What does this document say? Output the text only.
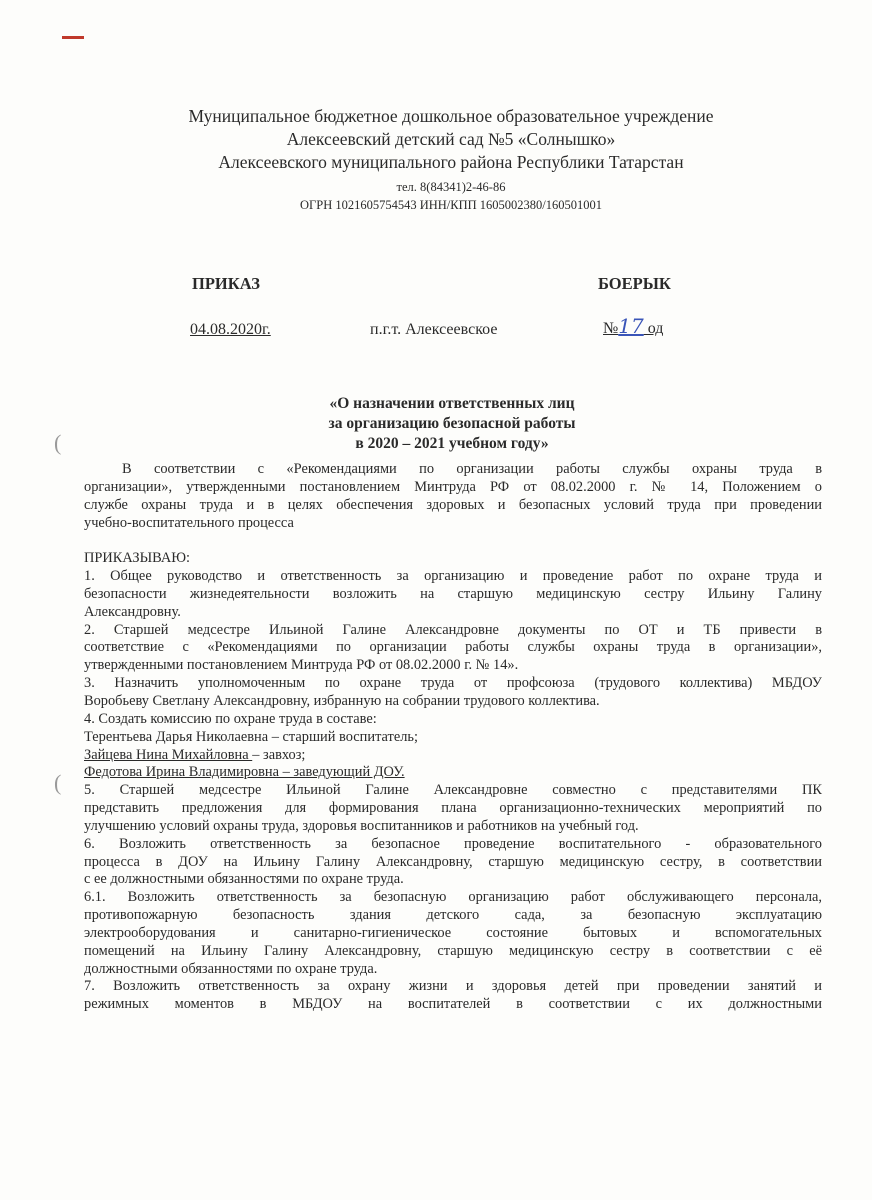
(
(
Муниципальное бюджетное дошкольное образовательное учреждение
Алексеевский детский сад №5 «Солнышко»
Алексеевского муниципального района Республики Татарстан
тел. 8(84341)2-46-86
ОГРН 1021605754543 ИНН/КПП 1605002380/160501001
ПРИКАЗ	БОЕРЫК
04.08.2020г.	п.г.т. Алексеевское	№17 од
«О назначении ответственных лиц
за организацию безопасной работы
в 2020 – 2021 учебном году»
В соответствии с «Рекомендациями по организации работы службы охраны труда в
организации», утвержденными постановлением Минтруда РФ от 08.02.2000 г. № 14, Положением о
службе охраны труда и в целях обеспечения здоровых и безопасных условий труда при проведении
учебно-воспитательного процесса
ПРИКАЗЫВАЮ:
1. Общее руководство и ответственность за организацию и проведение работ по охране труда и
безопасности жизнедеятельности возложить на старшую медицинскую сестру Ильину Галину
Александровну.
2. Старшей медсестре Ильиной Галине Александровне документы по ОТ и ТБ привести в
соответствие с «Рекомендациями по организации работы службы охраны труда в организации»,
утвержденными постановлением Минтруда РФ от 08.02.2000 г. № 14».
3. Назначить уполномоченным по охране труда от профсоюза (трудового коллектива) МБДОУ
Воробьеву Светлану Александровну, избранную на собрании трудового коллектива.
4. Создать комиссию по охране труда в составе:
Терентьева Дарья Николаевна – старший воспитатель;
Зайцева Нина Михайловна – завхоз;
Федотова Ирина Владимировна – заведующий ДОУ.
5. Старшей медсестре Ильиной Галине Александровне совместно с представителями ПК
представить предложения для формирования плана организационно-технических мероприятий по
улучшению условий охраны труда, здоровья воспитанников и работников на учебный год.
6. Возложить ответственность за безопасное проведение воспитательного - образовательного
процесса в ДОУ на Ильину Галину Александровну, старшую медицинскую сестру, в соответствии
с ее должностными обязанностями по охране труда.
6.1. Возложить ответственность за безопасную организацию работ обслуживающего персонала,
противопожарную безопасность здания детского сада, за безопасную эксплуатацию
электрооборудования и санитарно-гигиеническое состояние бытовых и вспомогательных
помещений на Ильину Галину Александровну, старшую медицинскую сестру в соответствии с её
должностными обязанностями по охране труда.
7. Возложить ответственность за охрану жизни и здоровья детей при проведении занятий и
режимных моментов в МБДОУ на воспитателей в соответствии с их должностными
